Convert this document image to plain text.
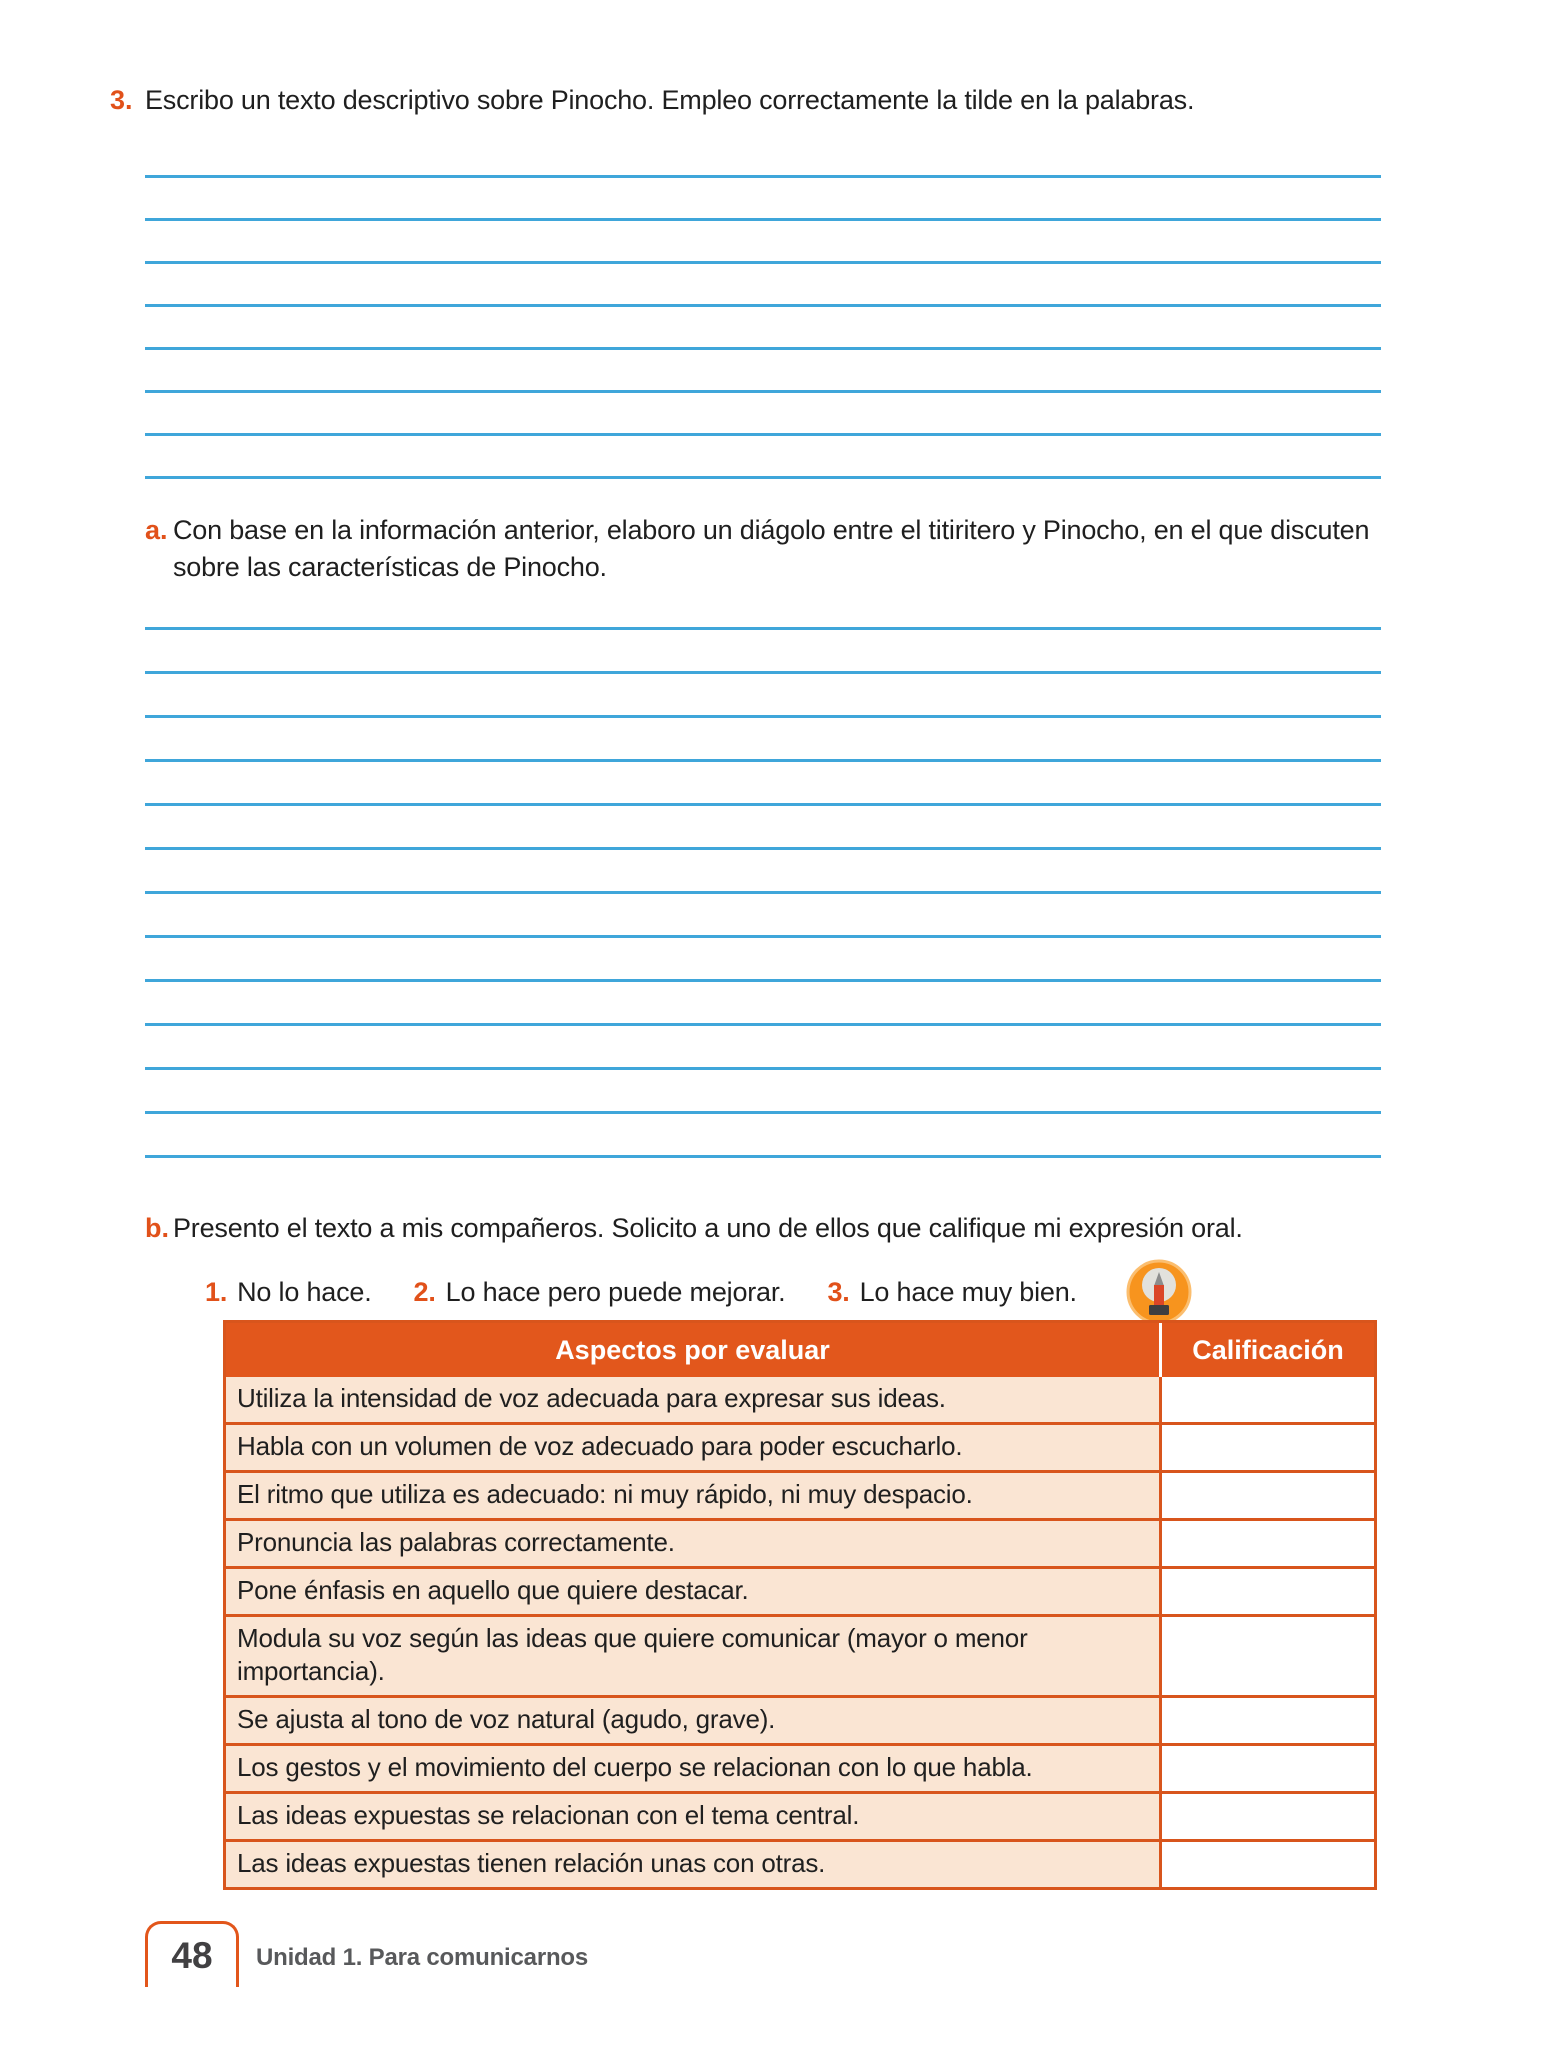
3. Escribo un texto descriptivo sobre Pinocho. Empleo correctamente la tilde en la palabras.
a. Con base en la información anterior, elaboro un diágolo entre el titiritero y Pinocho, en el que discuten sobre las características de Pinocho.
b. Presento el texto a mis compañeros. Solicito a uno de ellos que califique mi expresión oral.
1. No lo hace. 2. Lo hace pero puede mejorar. 3. Lo hace muy bien.
Aspectos por evaluar	Calificación
Utiliza la intensidad de voz adecuada para expresar sus ideas.
Habla con un volumen de voz adecuado para poder escucharlo.
El ritmo que utiliza es adecuado: ni muy rápido, ni muy despacio.
Pronuncia las palabras correctamente.
Pone énfasis en aquello que quiere destacar.
Modula su voz según las ideas que quiere comunicar (mayor o menor importancia).
Se ajusta al tono de voz natural (agudo, grave).
Los gestos y el movimiento del cuerpo se relacionan con lo que habla.
Las ideas expuestas se relacionan con el tema central.
Las ideas expuestas tienen relación unas con otras.
48 Unidad 1. Para comunicarnos
